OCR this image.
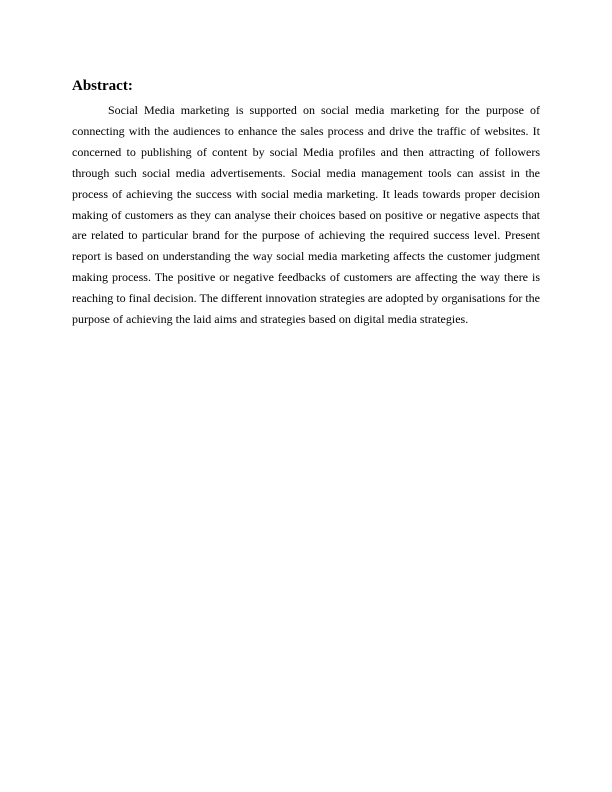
Abstract:

Social Media marketing is supported on social media marketing for the purpose of connecting with the audiences to enhance the sales process and drive the traffic of websites. It concerned to publishing of content by social Media profiles and then attracting of followers through such social media advertisements. Social media management tools can assist in the process of achieving the success with social media marketing. It leads towards proper decision making of customers as they can analyse their choices based on positive or negative aspects that are related to particular brand for the purpose of achieving the required success level. Present report is based on understanding the way social media marketing affects the customer judgment making process. The positive or negative feedbacks of customers are affecting the way there is reaching to final decision. The different innovation strategies are adopted by organisations for the purpose of achieving the laid aims and strategies based on digital media strategies.
